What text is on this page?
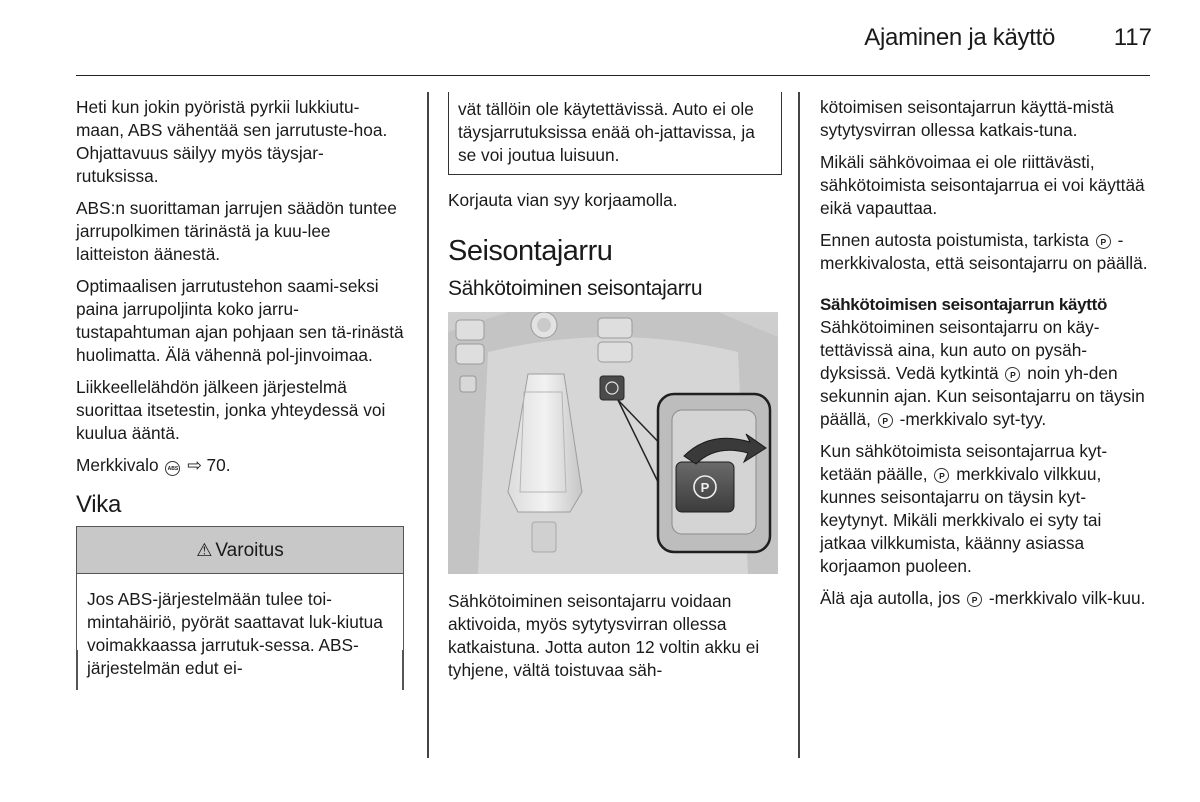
Ajaminen ja käyttö 117

Heti kun jokin pyöristä pyrkii lukkiutu-maan, ABS vähentää sen jarrutuste-hoa. Ohjattavuus säilyy myös täysjar-rutuksissa.

ABS:n suorittaman jarrujen säädön tuntee jarrupolkimen tärinästä ja kuu-lee laitteiston äänestä.

Optimaalisen jarrutustehon saami-seksi paina jarrupoljinta koko jarru-tustapahtuman ajan pohjaan sen tä-rinästä huolimatta. Älä vähennä pol-jinvoimaa.

Liikkeellelähdön jälkeen järjestelmä suorittaa itsetestin, jonka yhteydessä voi kuulua ääntä.

Merkkivalo ABS ⇨ 70.

Vika
⚠ Varoitus
Jos ABS-järjestelmään tulee toi-mintahäiriö, pyörät saattavat luk-kiutua voimakkaassa jarrutuk-sessa. ABS-järjestelmän edut ei-
vät tällöin ole käytettävissä. Auto ei ole täysjarrutuksissa enää oh-jattavissa, ja se voi joutua luisuun.

Korjauta vian syy korjaamolla.

Seisontajarru
Sähkötoiminen seisontajarru
P

Sähkötoiminen seisontajarru voidaan aktivoida, myös sytytysvirran ollessa katkaistuna. Jotta auton 12 voltin akku ei tyhjene, vältä toistuvaa säh-

kötoimisen seisontajarrun käyttä-mistä sytytysvirran ollessa katkais-tuna.

Mikäli sähkövoimaa ei ole riittävästi, sähkötoimista seisontajarrua ei voi käyttää eikä vapauttaa.

Ennen autosta poistumista, tarkista P -merkkivalosta, että seisontajarru on päällä.

Sähkötoimisen seisontajarrun käyttö

Sähkötoiminen seisontajarru on käy-tettävissä aina, kun auto on pysäh-dyksissä. Vedä kytkintä P noin yh-den sekunnin ajan. Kun seisontajarru on täysin päällä, P -merkkivalo syt-tyy.

Kun sähkötoimista seisontajarrua kyt-ketään päälle, P merkkivalo vilkkuu, kunnes seisontajarru on täysin kyt-keytynyt. Mikäli merkkivalo ei syty tai jatkaa vilkkumista, käänny asiassa korjaamon puoleen.

Älä aja autolla, jos P -merkkivalo vilk-kuu.
